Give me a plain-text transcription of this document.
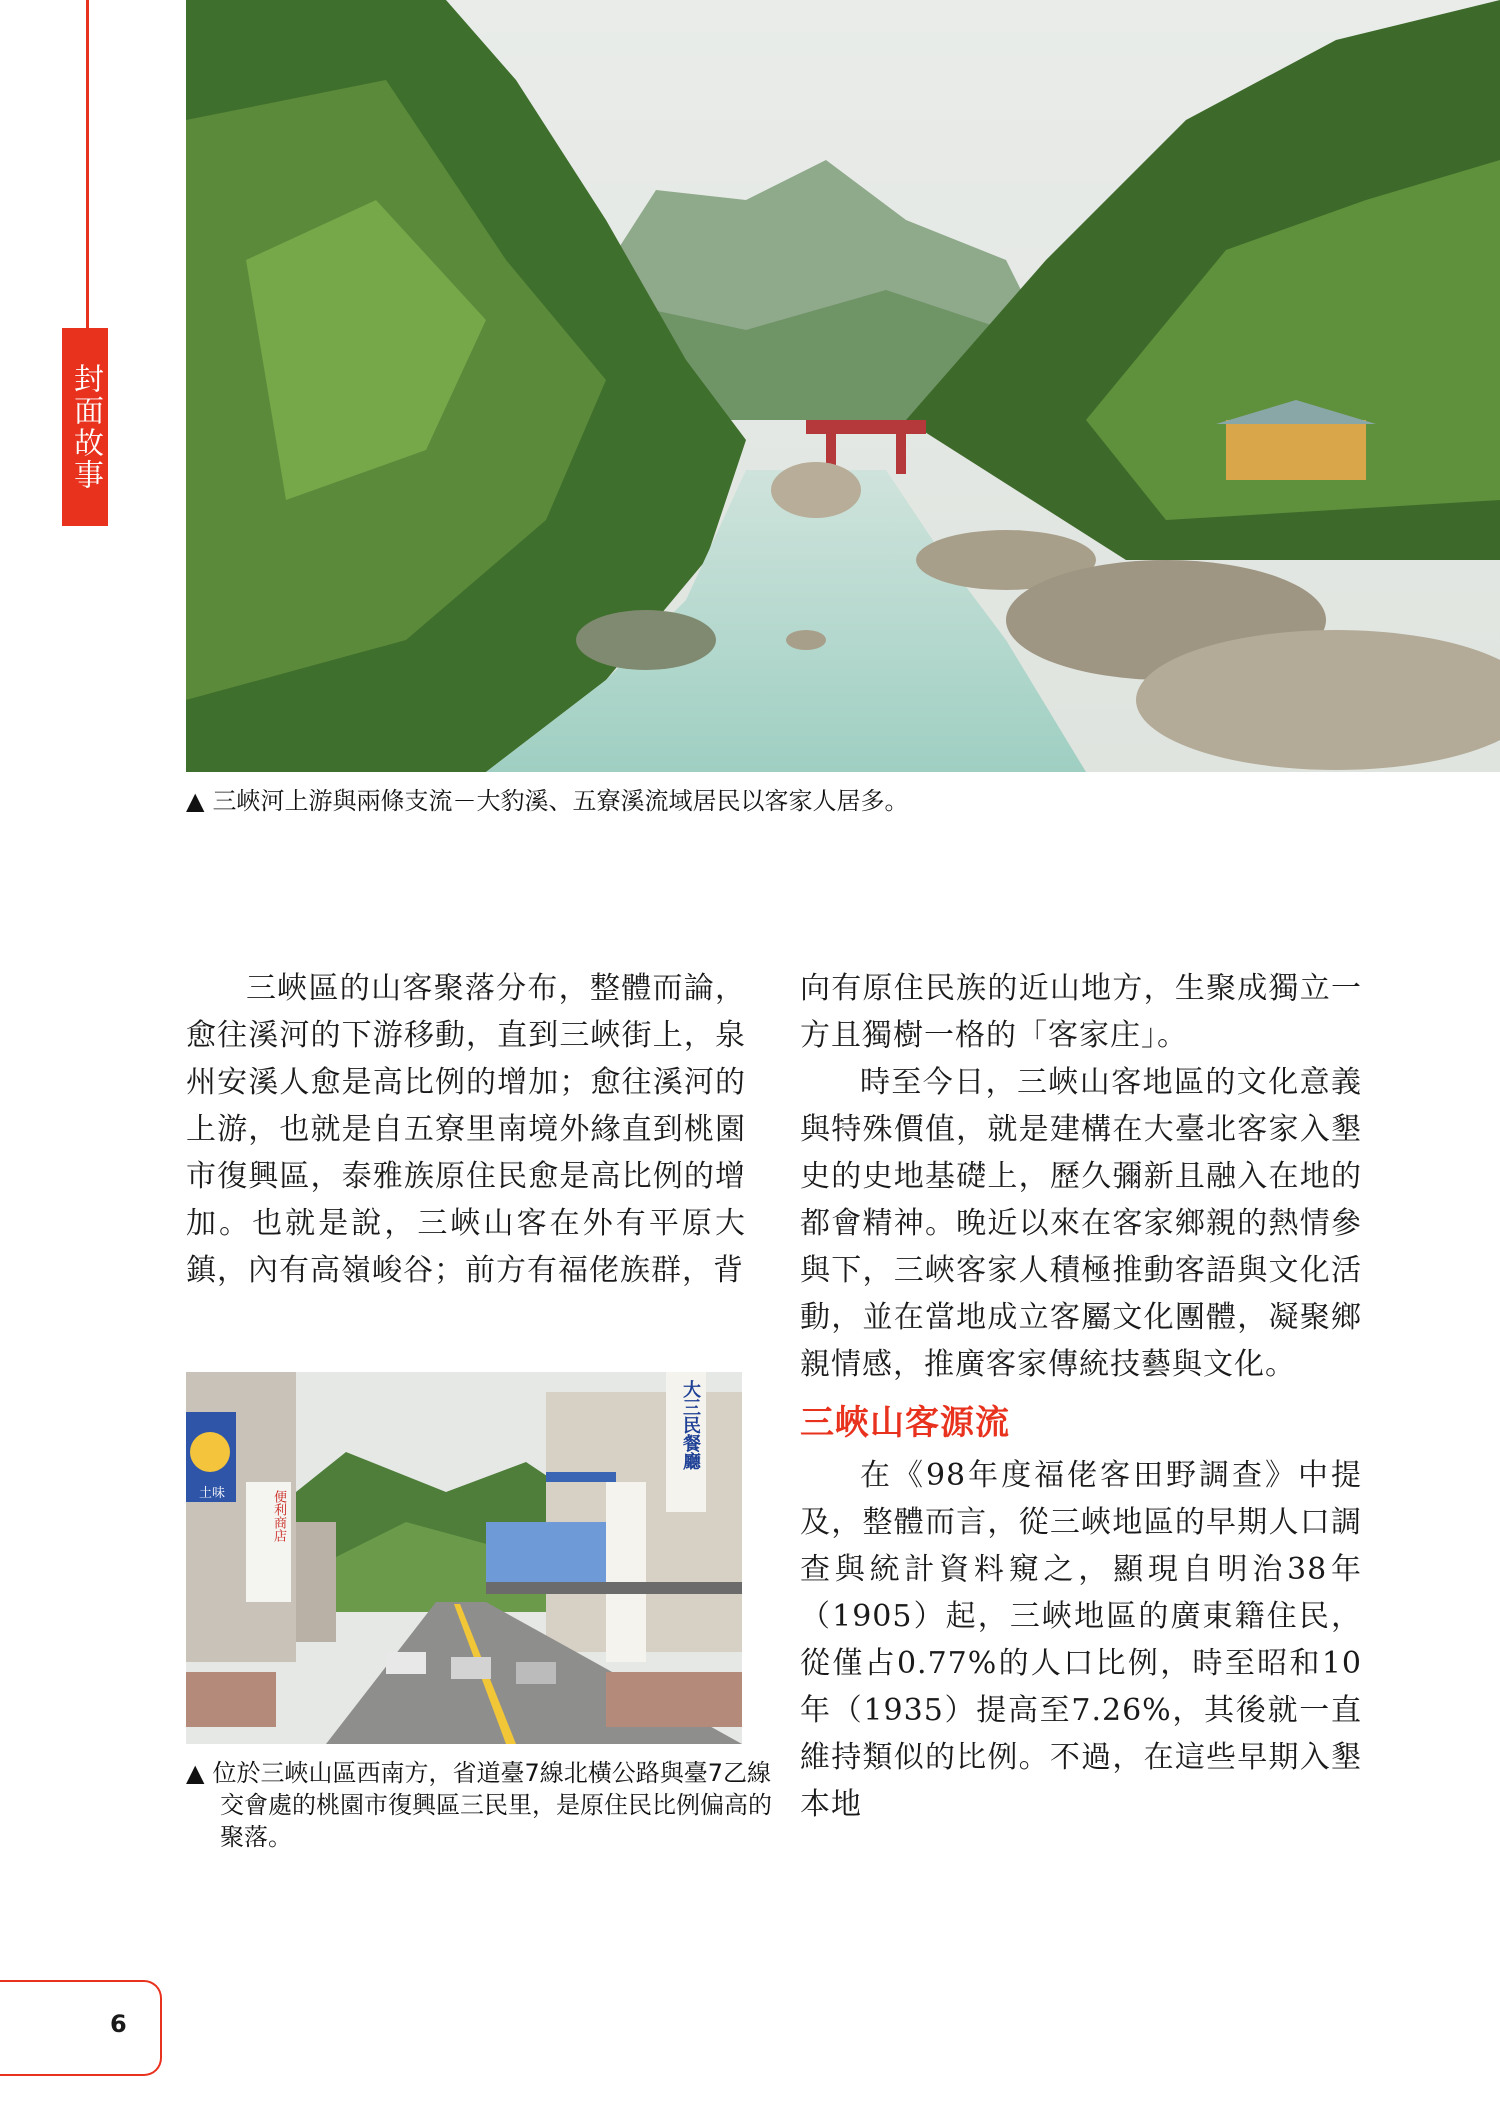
封面故事
▲ 三峽河上游與兩條支流－大豹溪、五寮溪流域居民以客家人居多。

三峽區的山客聚落分布，整體而論，愈往溪河的下游移動，直到三峽街上，泉州安溪人愈是高比例的增加；愈往溪河的上游，也就是自五寮里南境外緣直到桃園市復興區，泰雅族原住民愈是高比例的增加。也就是說，三峽山客在外有平原大鎮，內有高嶺峻谷；前方有福佬族群，背

土味	便利商店
大三民餐廳
▲ 位於三峽山區西南方，省道臺7線北橫公路與臺7乙線交會處的桃園市復興區三民里，是原住民比例偏高的聚落。

向有原住民族的近山地方，生聚成獨立一方且獨樹一格的「客家庄」。

時至今日，三峽山客地區的文化意義與特殊價值，就是建構在大臺北客家入墾史的史地基礎上，歷久彌新且融入在地的都會精神。晚近以來在客家鄉親的熱情參與下，三峽客家人積極推動客語與文化活動，並在當地成立客屬文化團體，凝聚鄉親情感，推廣客家傳統技藝與文化。

三峽山客源流

在《98年度福佬客田野調查》中提及，整體而言，從三峽地區的早期人口調查與統計資料窺之，顯現自明治38年（1905）起，三峽地區的廣東籍住民，從僅占0.77%的人口比例，時至昭和10年（1935）提高至7.26%，其後就一直維持類似的比例。不過，在這些早期入墾本地

6
